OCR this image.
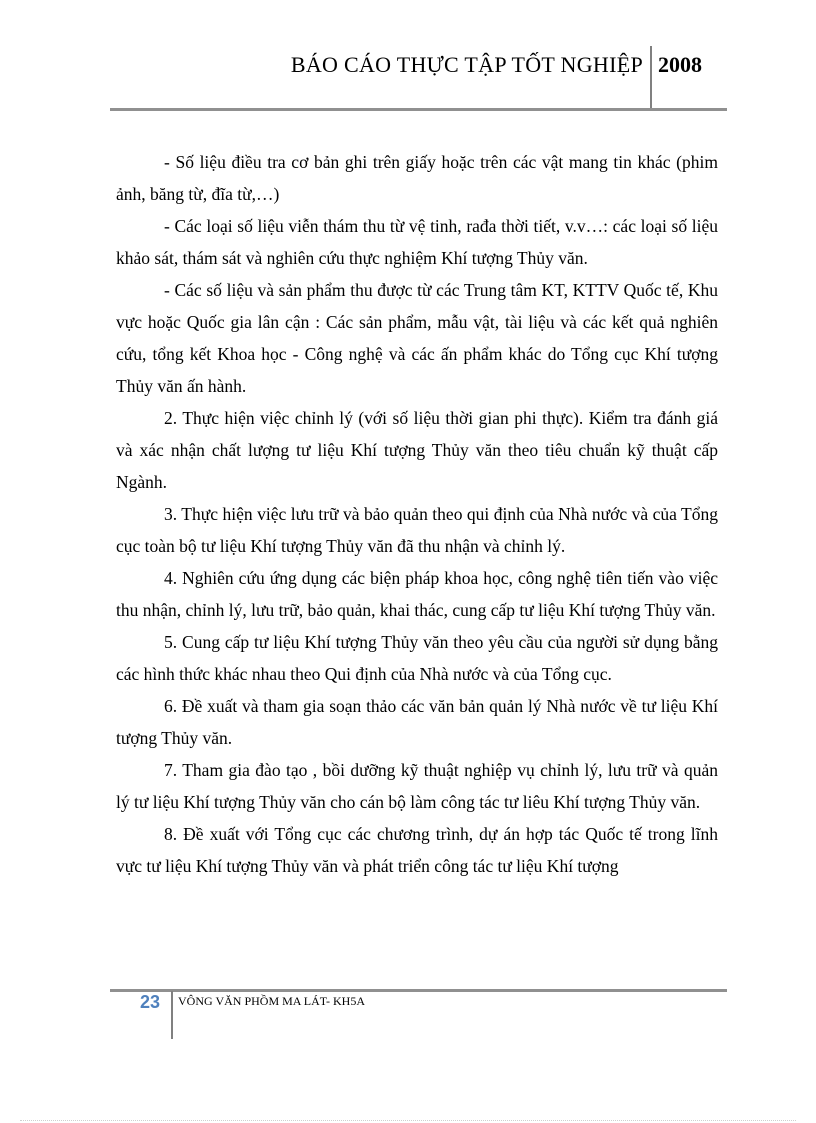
BÁO CÁO THỰC TẬP TỐT NGHIỆP 2008

- Số liệu điều tra cơ bản ghi trên giấy hoặc trên các vật mang tin khác (phim ảnh, băng từ, đĩa từ,…)

- Các loại số liệu viễn thám thu từ vệ tinh, rađa thời tiết, v.v…: các loại số liệu khảo sát, thám sát và nghiên cứu thực nghiệm Khí tượng Thủy văn.

- Các số liệu và sản phẩm thu được từ các Trung tâm KT, KTTV Quốc tế, Khu vực hoặc Quốc gia lân cận : Các sản phẩm, mẫu vật, tài liệu và các kết quả nghiên cứu, tổng kết Khoa học - Công nghệ và các ấn phẩm khác do Tổng cục Khí tượng Thủy văn ấn hành.

2. Thực hiện việc chỉnh lý (với số liệu thời gian phi thực). Kiểm tra đánh giá và xác nhận chất lượng tư liệu Khí tượng Thủy văn theo tiêu chuẩn kỹ thuật cấp Ngành.

3. Thực hiện việc lưu trữ và bảo quản theo qui định của Nhà nước và của Tổng cục toàn bộ tư liệu Khí tượng Thủy văn đã thu nhận và chỉnh lý.

4. Nghiên cứu ứng dụng các biện pháp khoa học, công nghệ tiên tiến vào việc thu nhận, chỉnh lý, lưu trữ, bảo quản, khai thác, cung cấp tư liệu Khí tượng Thủy văn.

5. Cung cấp tư liệu Khí tượng Thủy văn theo yêu cầu của người sử dụng bằng các hình thức khác nhau theo Qui định của Nhà nước và của Tổng cục.

6. Đề xuất và tham gia soạn thảo các văn bản quản lý Nhà nước về tư liệu Khí tượng Thủy văn.

7. Tham gia đào tạo , bồi dưỡng kỹ thuật nghiệp vụ chỉnh lý, lưu trữ và quản lý tư liệu Khí tượng Thủy văn cho cán bộ làm công tác tư liêu Khí tượng Thủy văn.

8. Đề xuất với Tổng cục các chương trình, dự án hợp tác Quốc tế trong lĩnh vực tư liệu Khí tượng Thủy văn và phát triển công tác tư liệu Khí tượng

23 VÔNG VĂN PHỒM MA LÁT- KH5A
